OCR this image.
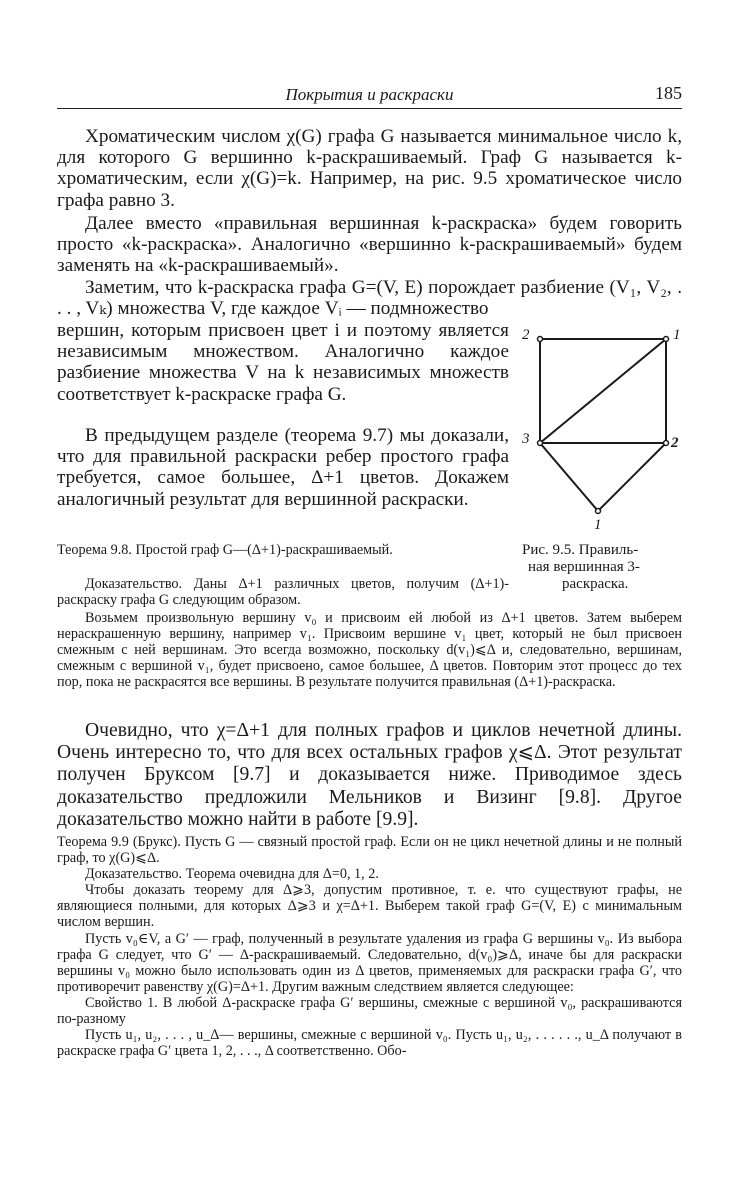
Покрытия и раскраски	185

Хроматическим числом χ(G) графа G называется минимальное число k, для которого G вершинно k-раскрашиваемый. Граф G называется k-хроматическим, если χ(G)=k. Например, на рис. 9.5 хроматическое число графа равно 3.

Далее вместо «правильная вершинная k-раскраска» будем говорить просто «k-раскраска». Аналогично «вершинно k-раскрашиваемый» будем заменять на «k-раскрашиваемый».

Заметим, что k-раскраска графа G=(V, E) порождает разбиение (V₁, V₂, . . . , Vₖ) множества V, где каждое Vᵢ — подмножество

вершин, которым присвоен цвет i и поэтому является независимым множеством. Аналогично каждое разбиение множества V на k независимых множеств соответствует k-раскраске графа G.

В предыдущем разделе (теорема 9.7) мы доказали, что для правильной раскраски ребер простого графа требуется, самое большее, Δ+1 цветов. Докажем аналогичный результат для вершинной раскраски.

Теорема 9.8. Простой граф G—(Δ+1)-раскрашиваемый.

Доказательство. Даны Δ+1 различных цветов, получим (Δ+1)-раскраску графа G следующим образом.

Возьмем произвольную вершину v₀ и присвоим ей любой из Δ+1 цветов. Затем выберем нераскрашенную вершину, например v₁. Присвоим вершине v₁ цвет, который не был присвоен смежным с ней вершинам. Это всегда возможно, поскольку d(v₁)⩽Δ и, следовательно, вершинам, смежным с вершиной v₁, будет присвоено, самое большее, Δ цветов. Повторим этот процесс до тех пор, пока не раскрасятся все вершины. В результате получится правильная (Δ+1)-раскраска.

Очевидно, что χ=Δ+1 для полных графов и циклов нечетной длины. Очень интересно то, что для всех остальных графов χ⩽Δ. Этот результат получен Бруксом [9.7] и доказывается ниже. Приводимое здесь доказательство предложили Мельников и Визинг [9.8]. Другое доказательство можно найти в работе [9.9].

Теорема 9.9 (Брукс). Пусть G — связный простой граф. Если он не цикл нечетной длины и не полный граф, то χ(G)⩽Δ.

Доказательство. Теорема очевидна для Δ=0, 1, 2.

Чтобы доказать теорему для Δ⩾3, допустим противное, т. е. что существуют графы, не являющиеся полными, для которых Δ⩾3 и χ=Δ+1. Выберем такой граф G=(V, E) с минимальным числом вершин.

Пусть v₀∈V, а G′ — граф, полученный в результате удаления из графа G вершины v₀. Из выбора графа G следует, что G′ — Δ-раскрашиваемый. Следовательно, d(v₀)⩾Δ, иначе бы для раскраски вершины v₀ можно было использовать один из Δ цветов, применяемых для раскраски графа G′, что противоречит равенству χ(G)=Δ+1. Другим важным следствием является следующее:

Свойство 1. В любой Δ-раскраске графа G′ вершины, смежные с вершиной v₀, раскрашиваются по-разному

Пусть u₁, u₂, . . . , u_Δ— вершины, смежные с вершиной v₀. Пусть u₁, u₂, . . . . . ., u_Δ получают в раскраске графа G′ цвета 1, 2, . . ., Δ соответственно. Обо-

2	1
3	2
1
Рис. 9.5. Правиль-
ная вершинная 3-
раскраска.
